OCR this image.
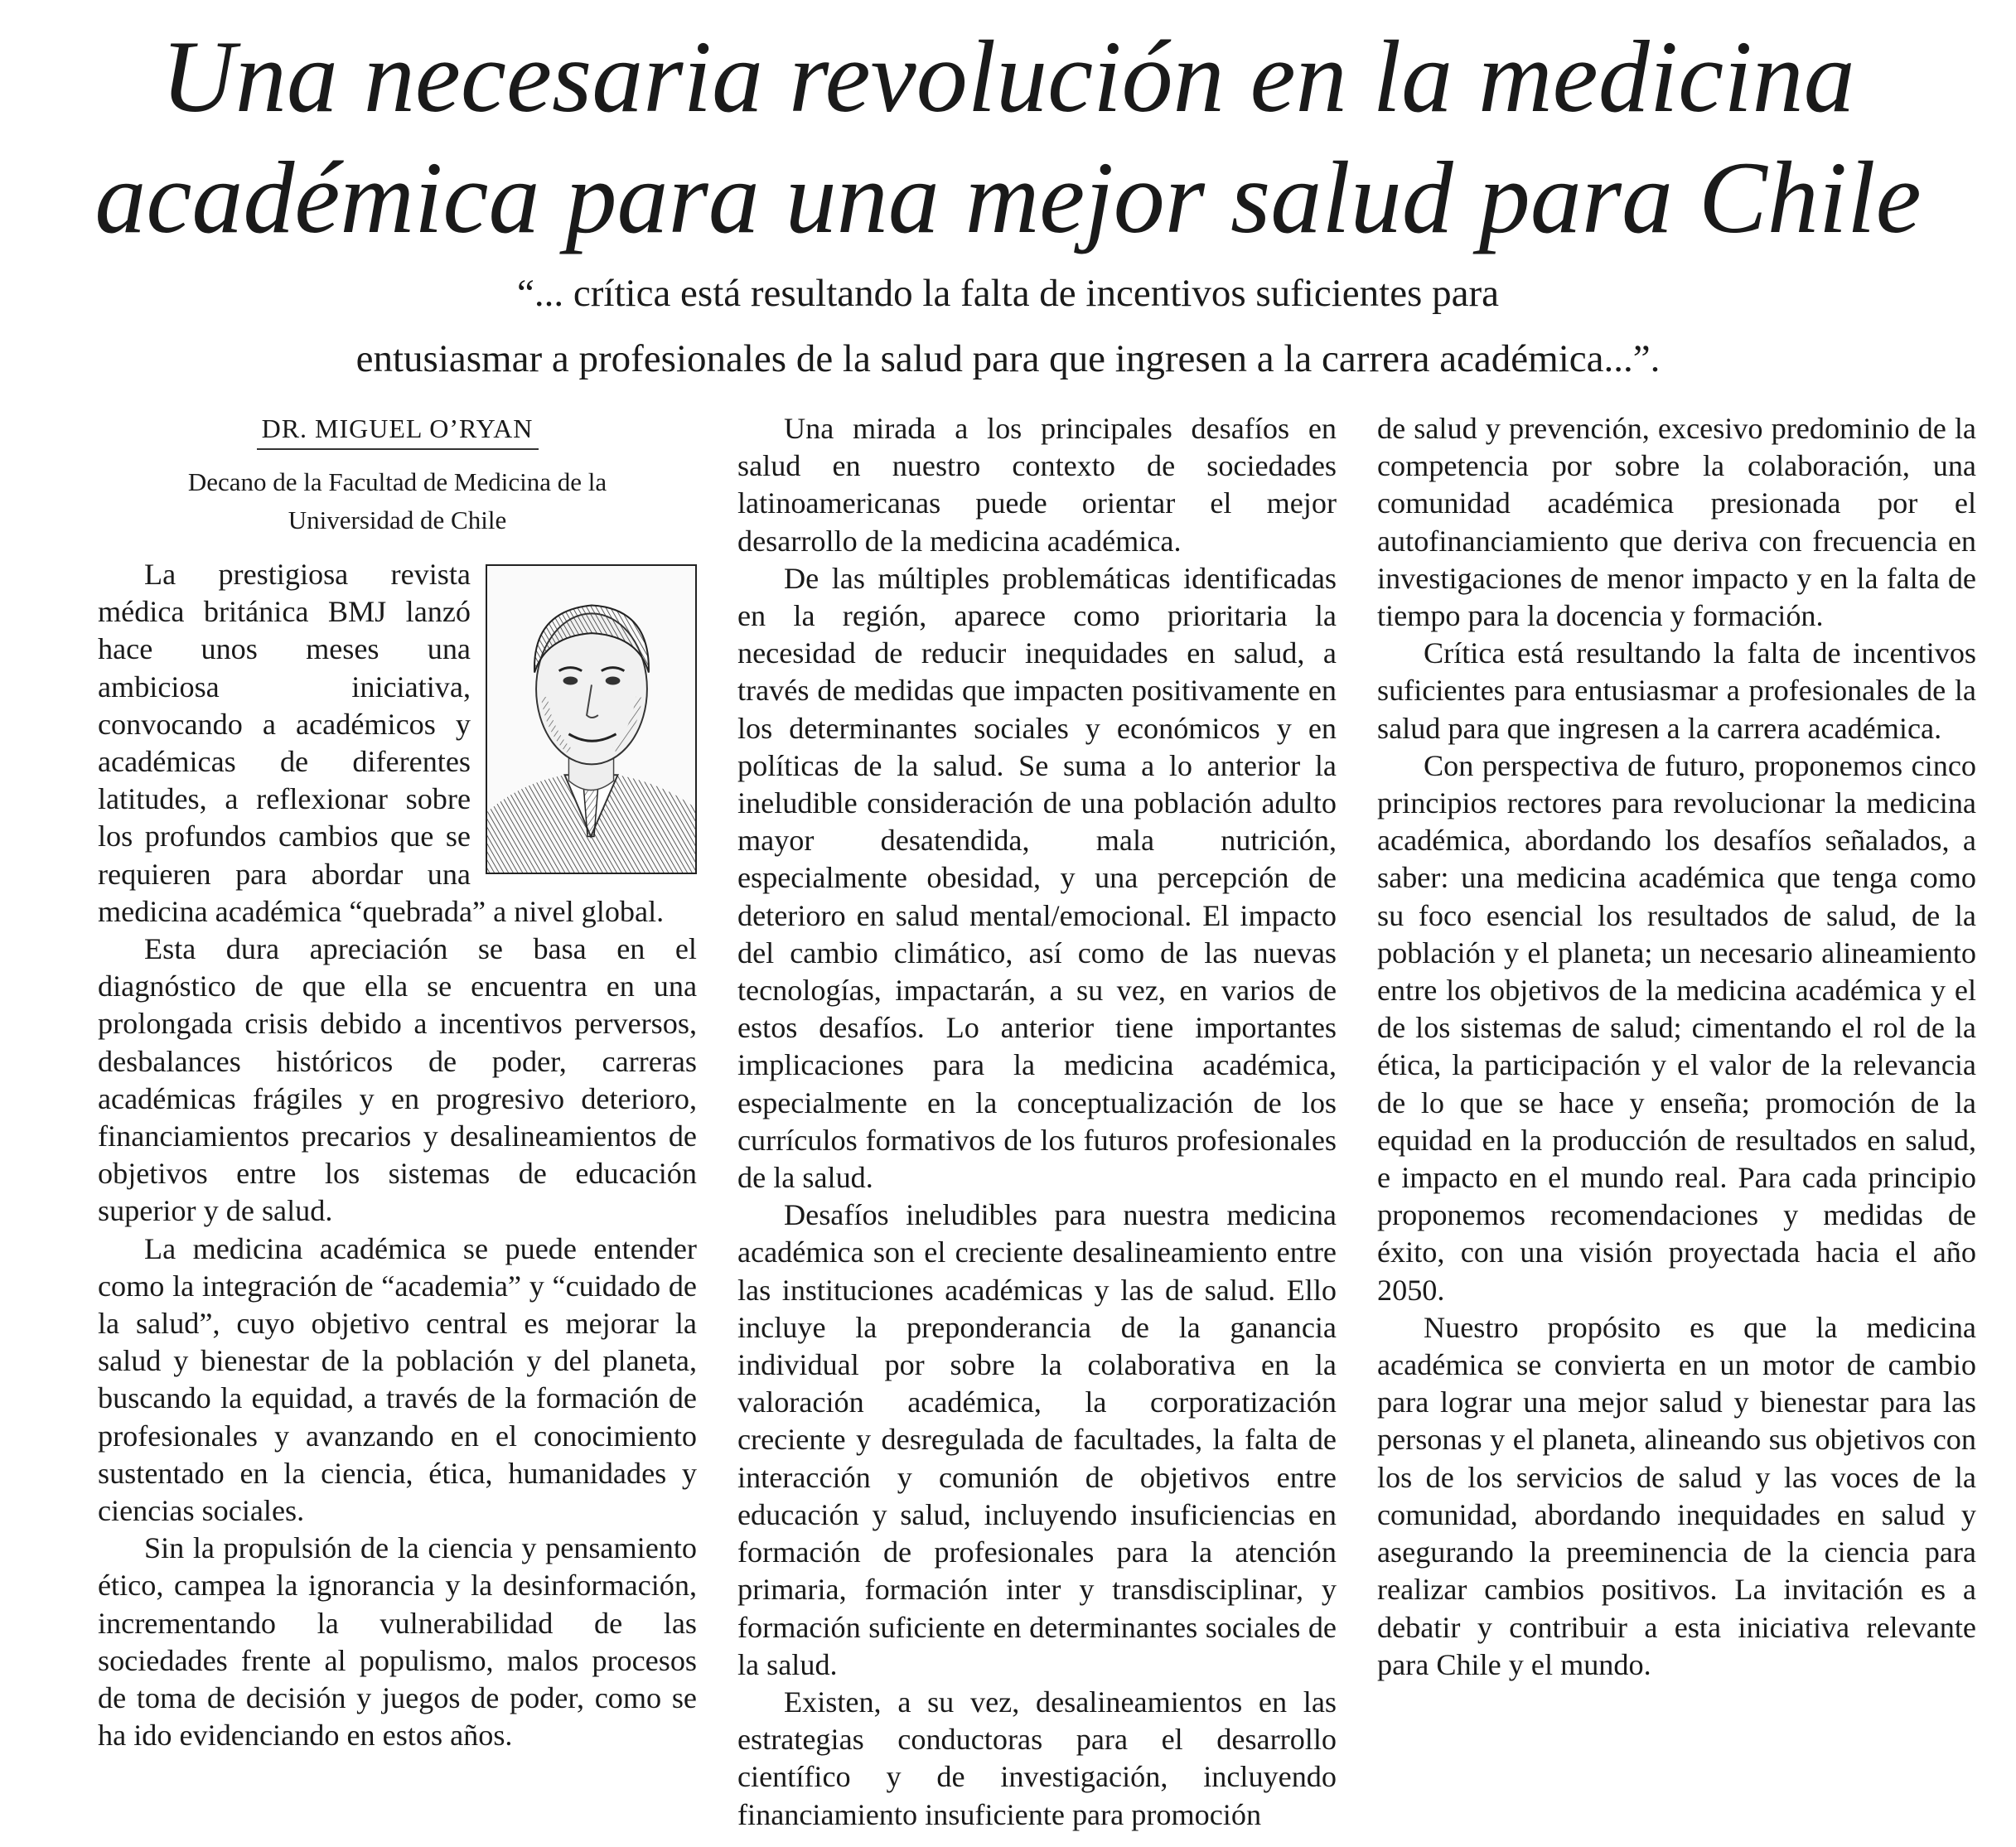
Una necesaria revolución en la medicina
académica para una mejor salud para Chile
“... crítica está resultando la falta de incentivos suficientes para
entusiasmar a profesionales de la salud para que ingresen a la carrera académica...”.
DR. MIGUEL O’RYAN
Decano de la Facultad de Medicina de la
Universidad de Chile

La prestigiosa revista médica británica BMJ lanzó hace unos meses una ambiciosa iniciativa, convocando a académicos y académicas de diferentes latitudes, a reflexionar sobre los profundos cambios que se requieren para abordar una medicina académica “quebrada” a nivel global.

Esta dura apreciación se basa en el diagnóstico de que ella se encuentra en una prolongada crisis debido a incentivos perversos, desbalances históricos de poder, carreras académicas frágiles y en progresivo deterioro, financiamientos precarios y desalineamientos de objetivos entre los sistemas de educación superior y de salud.

La medicina académica se puede entender como la integración de “academia” y “cuidado de la salud”, cuyo objetivo central es mejorar la salud y bienestar de la población y del planeta, buscando la equidad, a través de la formación de profesionales y avanzando en el conocimiento sustentado en la ciencia, ética, humanidades y ciencias sociales.

Sin la propulsión de la ciencia y pensamiento ético, campea la ignorancia y la desinformación, incrementando la vulnerabilidad de las sociedades frente al populismo, malos procesos de toma de decisión y juegos de poder, como se ha ido evidenciando en estos años.

Una mirada a los principales desafíos en salud en nuestro contexto de sociedades latinoamericanas puede orientar el mejor desarrollo de la medicina académica.

De las múltiples problemáticas identificadas en la región, aparece como prioritaria la necesidad de reducir inequidades en salud, a través de medidas que impacten positivamente en los determinantes sociales y económicos y en políticas de la salud. Se suma a lo anterior la ineludible consideración de una población adulto mayor desatendida, mala nutrición, especialmente obesidad, y una percepción de deterioro en salud mental/emocional. El impacto del cambio climático, así como de las nuevas tecnologías, impactarán, a su vez, en varios de estos desafíos. Lo anterior tiene importantes implicaciones para la medicina académica, especialmente en la conceptualización de los currículos formativos de los futuros profesionales de la salud.

Desafíos ineludibles para nuestra medicina académica son el creciente desalineamiento entre las instituciones académicas y las de salud. Ello incluye la preponderancia de la ganancia individual por sobre la colaborativa en la valoración académica, la corporatización creciente y desregulada de facultades, la falta de interacción y comunión de objetivos entre educación y salud, incluyendo insuficiencias en formación de profesionales para la atención primaria, formación inter y transdisciplinar, y formación suficiente en determinantes sociales de la salud.

Existen, a su vez, desalineamientos en las estrategias conductoras para el desarrollo científico y de investigación, incluyendo financiamiento insuficiente para promoción

de salud y prevención, excesivo predominio de la competencia por sobre la colaboración, una comunidad académica presionada por el autofinanciamiento que deriva con frecuencia en investigaciones de menor impacto y en la falta de tiempo para la docencia y formación.

Crítica está resultando la falta de incentivos suficientes para entusiasmar a profesionales de la salud para que ingresen a la carrera académica.

Con perspectiva de futuro, proponemos cinco principios rectores para revolucionar la medicina académica, abordando los desafíos señalados, a saber: una medicina académica que tenga como su foco esencial los resultados de salud, de la población y el planeta; un necesario alineamiento entre los objetivos de la medicina académica y el de los sistemas de salud; cimentando el rol de la ética, la participación y el valor de la relevancia de lo que se hace y enseña; promoción de la equidad en la producción de resultados en salud, e impacto en el mundo real. Para cada principio proponemos recomendaciones y medidas de éxito, con una visión proyectada hacia el año 2050.

Nuestro propósito es que la medicina académica se convierta en un motor de cambio para lograr una mejor salud y bienestar para las personas y el planeta, alineando sus objetivos con los de los servicios de salud y las voces de la comunidad, abordando inequidades en salud y asegurando la preeminencia de la ciencia para realizar cambios positivos. La invitación es a debatir y contribuir a esta iniciativa relevante para Chile y el mundo.
